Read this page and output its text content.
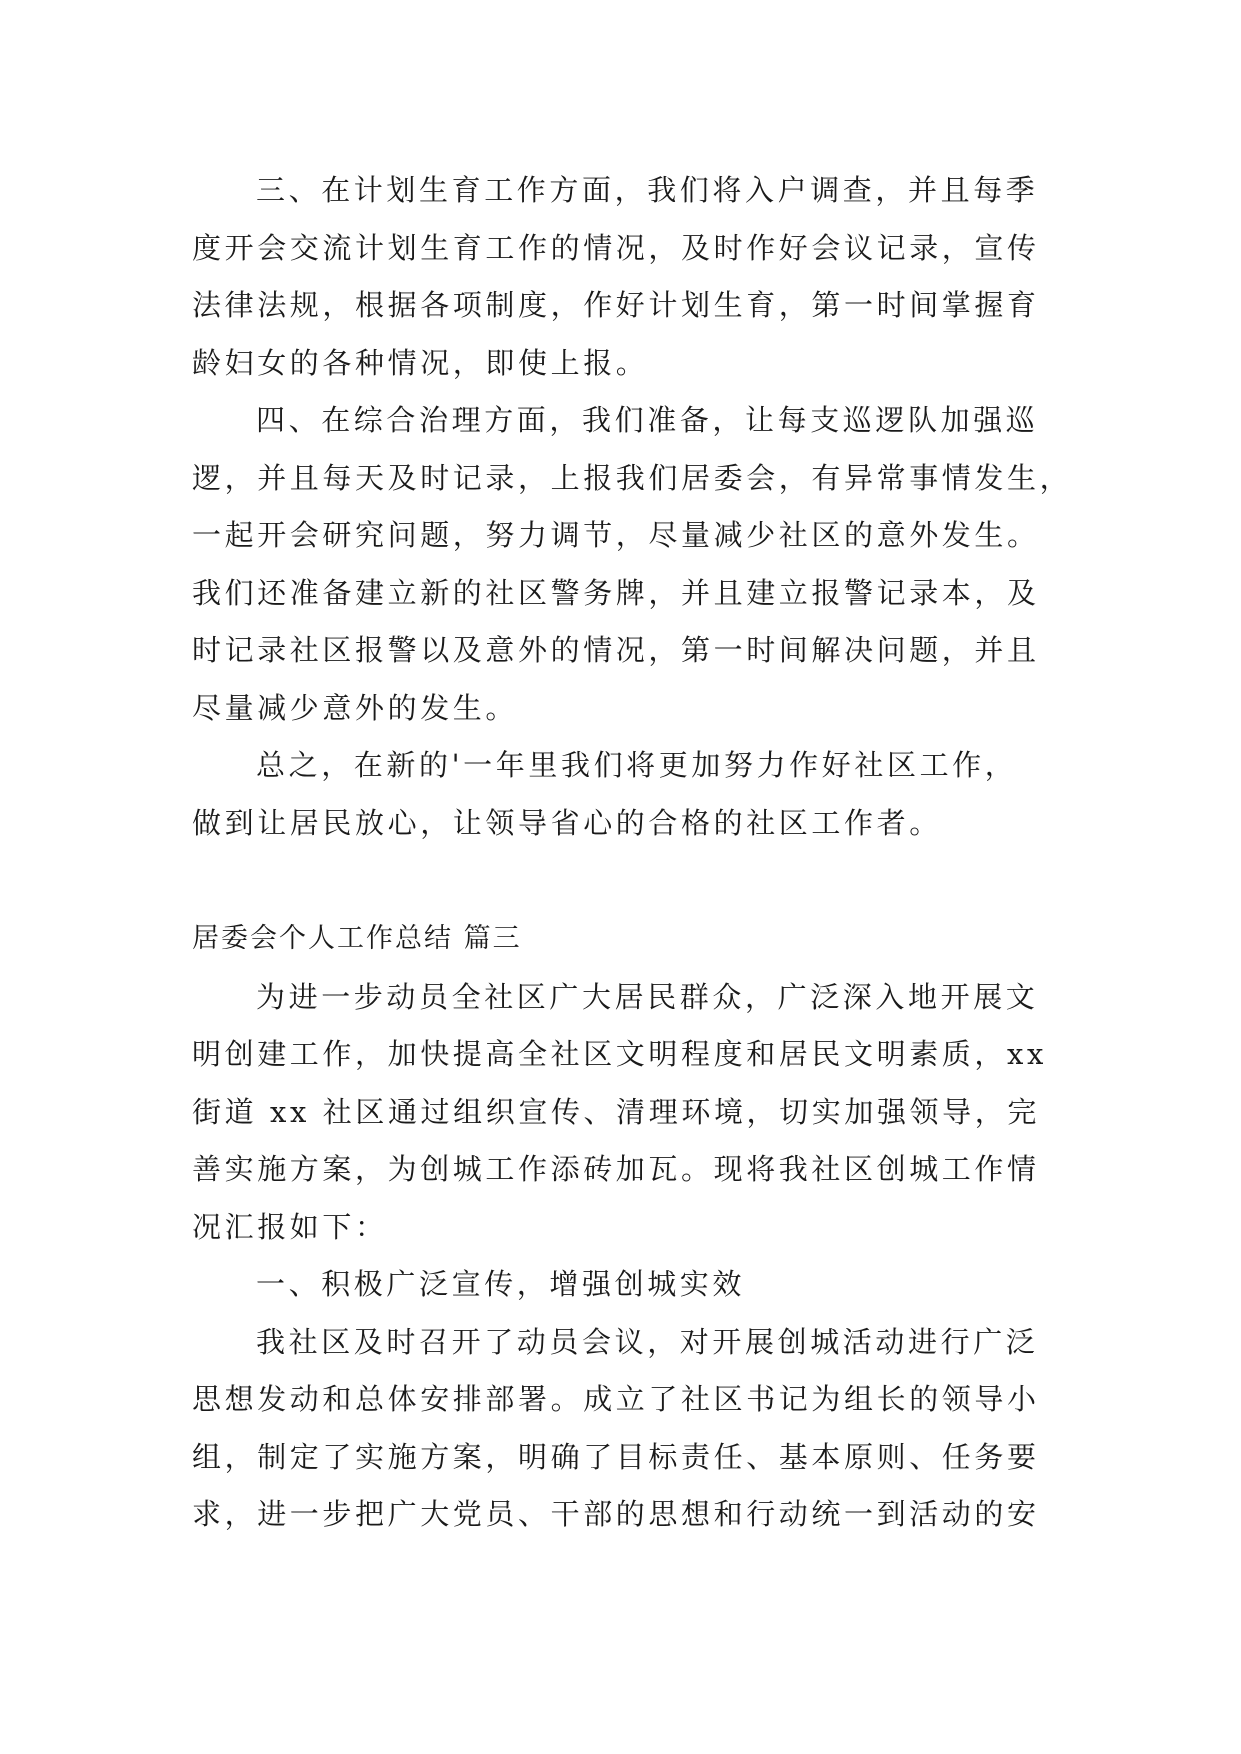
三、在计划生育工作方面，我们将入户调查，并且每季
度开会交流计划生育工作的情况，及时作好会议记录，宣传
法律法规，根据各项制度，作好计划生育，第一时间掌握育
龄妇女的各种情况，即使上报。
四、在综合治理方面，我们准备，让每支巡逻队加强巡
逻，并且每天及时记录，上报我们居委会，有异常事情发生，
一起开会研究问题，努力调节，尽量减少社区的意外发生。
我们还准备建立新的社区警务牌，并且建立报警记录本，及
时记录社区报警以及意外的情况，第一时间解决问题，并且
尽量减少意外的发生。
总之，在新的'一年里我们将更加努力作好社区工作，
做到让居民放心，让领导省心的合格的社区工作者。
居委会个人工作总结 篇三
为进一步动员全社区广大居民群众，广泛深入地开展文
明创建工作，加快提高全社区文明程度和居民文明素质，xx
街道 xx 社区通过组织宣传、清理环境，切实加强领导，完
善实施方案，为创城工作添砖加瓦。现将我社区创城工作情
况汇报如下：
一、积极广泛宣传，增强创城实效
我社区及时召开了动员会议，对开展创城活动进行广泛
思想发动和总体安排部署。成立了社区书记为组长的领导小
组，制定了实施方案，明确了目标责任、基本原则、任务要
求，进一步把广大党员、干部的思想和行动统一到活动的安
